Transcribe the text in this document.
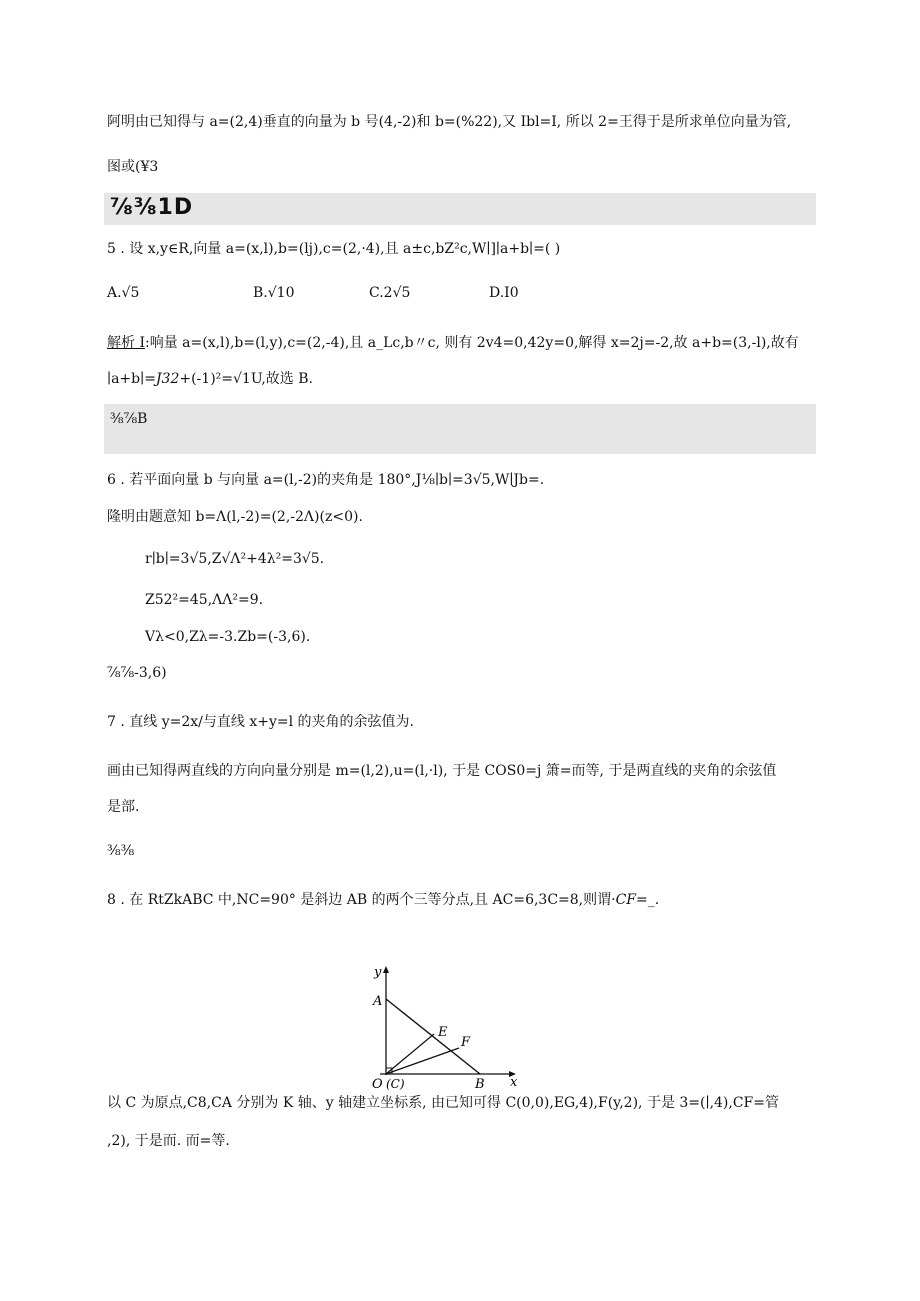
阿明由已知得与 a=(2,4)垂直的向量为 b 号(4,-2)和 b=(%22),又 Ibl=I, 所以 2=王得于是所求单位向量为管,
图或(¥3
⅞⅜1D
5 . 设 x,y∈R,向量 a=(x,l),b=(lj),c=(2,·4),且 a±c,bZ²c,W∣]∣a+b∣=( )
A.√5	B.√10	C.2√5	D.I0
解析 I:响量 a=(x,l),b=(l,y),c=(2,-4),且 a_Lc,b〃c, 则有 2v4=0,42y=0,解得 x=2j=-2,故 a+b=(3,-l),故有
∣a+b∣=J32+(-1)²=√1U,故选 B.
⅜⅞B
6 . 若平面向量 b 与向量 a=(l,-2)的夹角是 180°,J⅛∣b∣=3√5,W∣Jb=.
隆明由题意知 b=Λ(l,-2)=(2,-2Λ)(z<0).
r∣b∣=3√5,Z√Λ²+4λ²=3√5.
Z52²=45,ΛΛ²=9.
Vλ<0,Zλ=-3.Zb=(-3,6).
⅞⅞-3,6)
7 . 直线 y=2x∕与直线 x+y=l 的夹角的余弦值为.
画由已知得两直线的方向向量分别是 m=(l,2),u=(l,·l), 于是 COS0=j 箫=而等, 于是两直线的夹角的余弦值
是部.
⅜⅜
8 . 在 RtZkABC 中,NC=90° 是斜边 AB 的两个三等分点,且 AC=6,3C=8,则谓·CF=_.
y
x
A
E
F
B
O (C)
以 C 为原点,C8,CA 分别为 K 轴、y 轴建立坐标系, 由已知可得 C(0,0),EG,4),F(y,2), 于是 3=(∣,4),CF=管
,2), 于是而. 而=等.
